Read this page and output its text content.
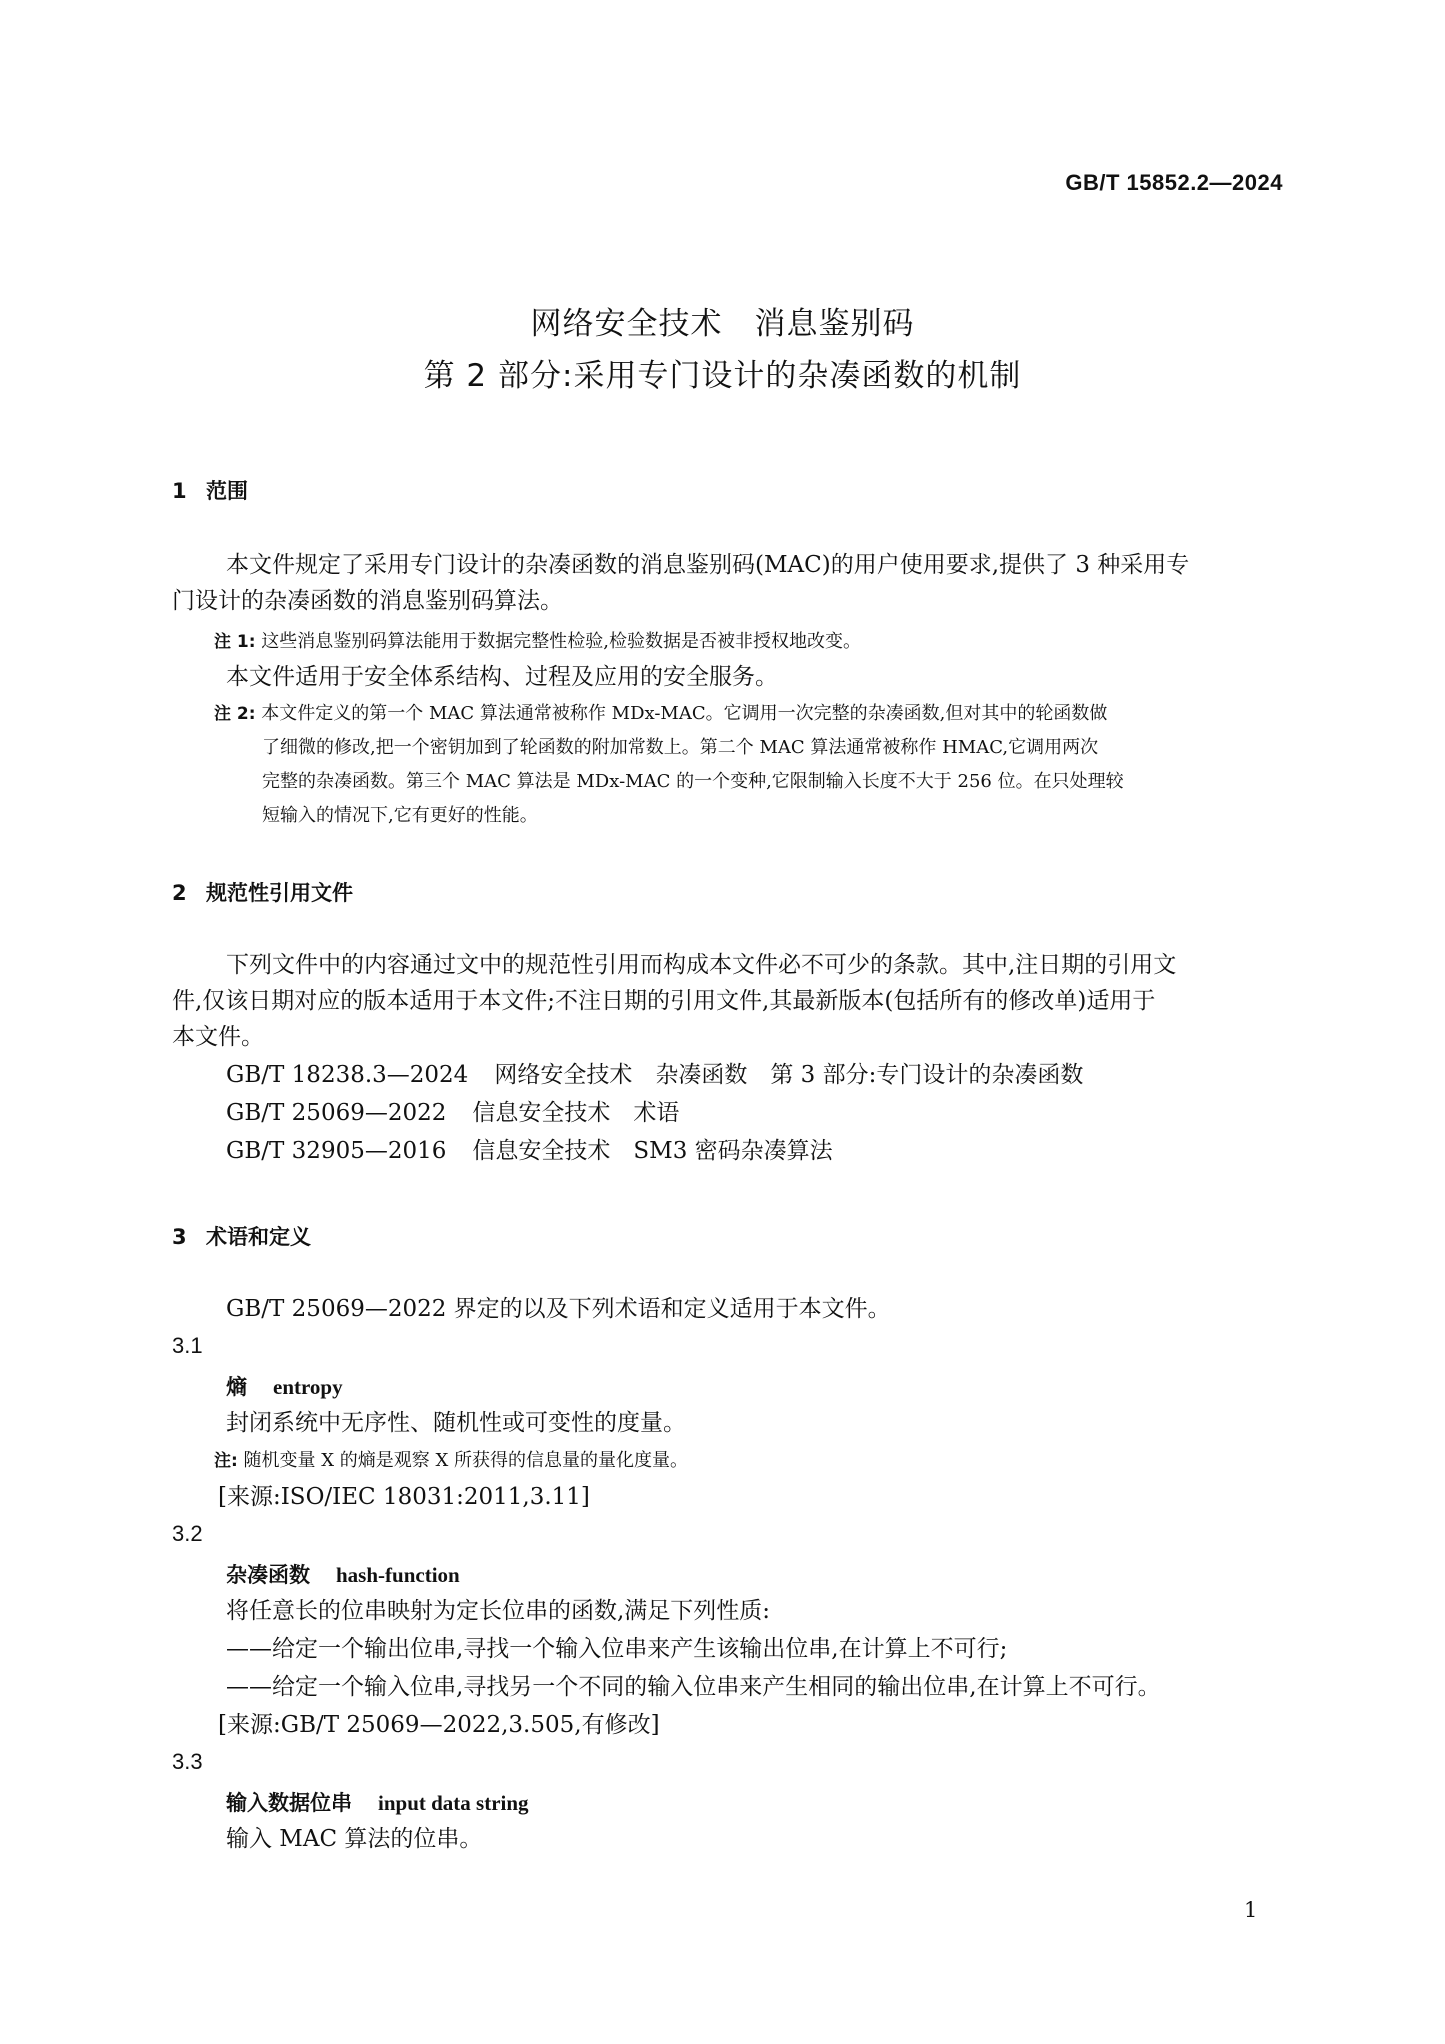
GB/T 15852.2—2024
网络安全技术　消息鉴别码
第 2 部分:采用专门设计的杂凑函数的机制
1 范围
本文件规定了采用专门设计的杂凑函数的消息鉴别码(MAC)的用户使用要求,提供了 3 种采用专
门设计的杂凑函数的消息鉴别码算法。
注 1: 这些消息鉴别码算法能用于数据完整性检验,检验数据是否被非授权地改变。
本文件适用于安全体系结构、过程及应用的安全服务。
注 2: 本文件定义的第一个 MAC 算法通常被称作 MDx-MAC。它调用一次完整的杂凑函数,但对其中的轮函数做
了细微的修改,把一个密钥加到了轮函数的附加常数上。第二个 MAC 算法通常被称作 HMAC,它调用两次
完整的杂凑函数。第三个 MAC 算法是 MDx-MAC 的一个变种,它限制输入长度不大于 256 位。在只处理较
短输入的情况下,它有更好的性能。
2 规范性引用文件
下列文件中的内容通过文中的规范性引用而构成本文件必不可少的条款。其中,注日期的引用文
件,仅该日期对应的版本适用于本文件;不注日期的引用文件,其最新版本(包括所有的修改单)适用于
本文件。
GB/T 18238.3—2024 网络安全技术　杂凑函数　第 3 部分:专门设计的杂凑函数
GB/T 25069—2022 信息安全技术　术语
GB/T 32905—2016 信息安全技术　SM3 密码杂凑算法
3 术语和定义
GB/T 25069—2022 界定的以及下列术语和定义适用于本文件。
3.1
熵 entropy
封闭系统中无序性、随机性或可变性的度量。
注: 随机变量 X 的熵是观察 X 所获得的信息量的量化度量。
[来源:ISO/IEC 18031:2011,3.11]
3.2
杂凑函数 hash-function
将任意长的位串映射为定长位串的函数,满足下列性质:
——给定一个输出位串,寻找一个输入位串来产生该输出位串,在计算上不可行;
——给定一个输入位串,寻找另一个不同的输入位串来产生相同的输出位串,在计算上不可行。
[来源:GB/T 25069—2022,3.505,有修改]
3.3
输入数据位串 input data string
输入 MAC 算法的位串。
1
